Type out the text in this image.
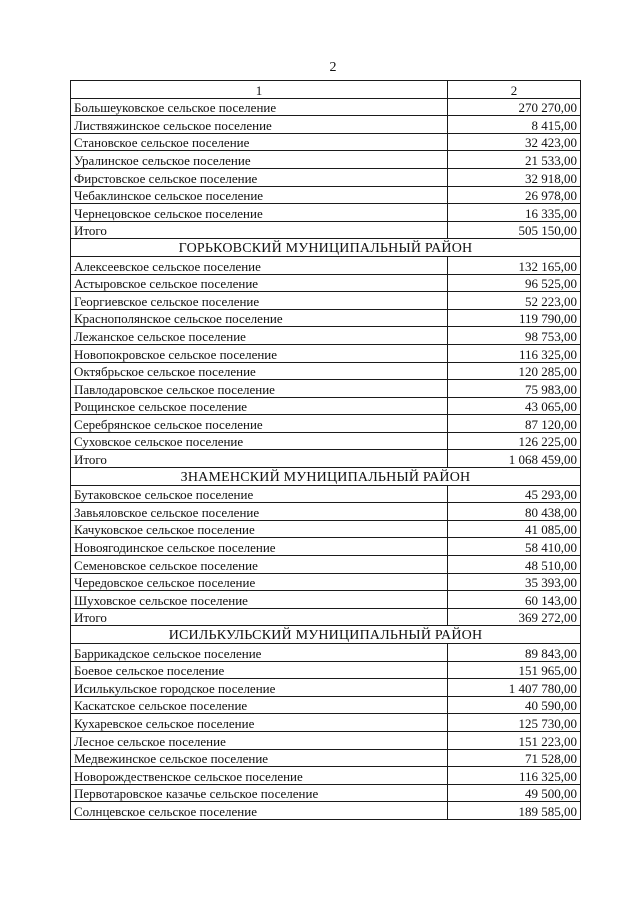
2
1	2
Большеуковское сельское поселение	270 270,00
Листвяжинское сельское поселение	8 415,00
Становское сельское поселение	32 423,00
Уралинское сельское поселение	21 533,00
Фирстовское сельское поселение	32 918,00
Чебаклинское сельское поселение	26 978,00
Чернецовское сельское поселение	16 335,00
Итого	505 150,00
ГОРЬКОВСКИЙ МУНИЦИПАЛЬНЫЙ РАЙОН	
Алексеевское сельское поселение	132 165,00
Астыровское сельское поселение	96 525,00
Георгиевское сельское поселение	52 223,00
Краснополянское сельское поселение	119 790,00
Лежанское сельское поселение	98 753,00
Новопокровское сельское поселение	116 325,00
Октябрьское сельское поселение	120 285,00
Павлодаровское сельское поселение	75 983,00
Рощинское сельское поселение	43 065,00
Серебрянское сельское поселение	87 120,00
Суховское сельское поселение	126 225,00
Итого	1 068 459,00
ЗНАМЕНСКИЙ МУНИЦИПАЛЬНЫЙ РАЙОН	
Бутаковское сельское поселение	45 293,00
Завьяловское сельское поселение	80 438,00
Качуковское сельское поселение	41 085,00
Новоягодинское сельское поселение	58 410,00
Семеновское сельское поселение	48 510,00
Чередовское сельское поселение	35 393,00
Шуховское сельское поселение	60 143,00
Итого	369 272,00
ИСИЛЬКУЛЬСКИЙ МУНИЦИПАЛЬНЫЙ РАЙОН	
Баррикадское сельское поселение	89 843,00
Боевое сельское поселение	151 965,00
Исилькульское городское поселение	1 407 780,00
Каскатское сельское поселение	40 590,00
Кухаревское сельское поселение	125 730,00
Лесное сельское поселение	151 223,00
Медвежинское сельское поселение	71 528,00
Новорождественское сельское поселение	116 325,00
Первотаровское казачье сельское поселение	49 500,00
Солнцевское сельское поселение	189 585,00
